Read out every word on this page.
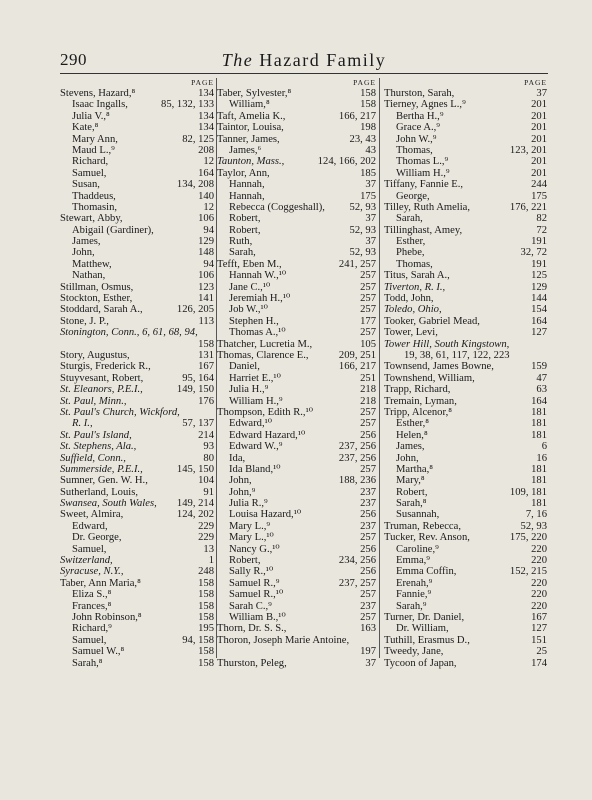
290	The Hazard Family
PAGE
Stevens, Hazard,⁸	134
Isaac Ingalls,	85, 132, 133
Julia V.,⁸	134
Kate,⁸	134
Mary Ann,	82, 125
Maud L.,⁹	208
Richard,	12
Samuel,	164
Susan,	134, 208
Thaddeus,	140
Thomasin,	12
Stewart, Abby,	106
Abigail (Gardiner),	94
James,	129
John,	148
Matthew,	94
Nathan,	106
Stillman, Osmus,	123
Stockton, Esther,	141
Stoddard, Sarah A.,	126, 205
Stone, J. P.,	113
Stonington, Conn., 6, 61, 68, 94,
158
Story, Augustus,	131
Sturgis, Frederick R.,	167
Stuyvesant, Robert,	95, 164
St. Eleanors, P.E.I.,	149, 150
St. Paul, Minn.,	176
St. Paul's Church, Wickford,
R. I.,	57, 137
St. Paul's Island,	214
St. Stephens, Ala.,	93
Suffield, Conn.,	80
Summerside, P.E.I.,	145, 150
Sumner, Gen. W. H.,	104
Sutherland, Louis,	91
Swansea, South Wales, 149, 214
Sweet, Almira,	124, 202
Edward,	229
Dr. George,	229
Samuel,	13
Switzerland,	1
Syracuse, N.Y.,	248
Taber, Ann Maria,⁸	158
Eliza S.,⁸	158
Frances,⁸	158
John Robinson,⁸	158
Richard,⁹	195
Samuel,	94, 158
Samuel W.,⁸	158
Sarah,⁸	158
PAGE
Taber, Sylvester,⁸	158
William,⁸	158
Taft, Amelia K.,	166, 217
Taintor, Louisa,	198
Tanner, James,	23, 43
James,⁶	43
Taunton, Mass.,	124, 166, 202
Taylor, Ann,	185
Hannah,	37
Hannah,	175
Rebecca (Coggeshall), 52, 93
Robert,	37
Robert,	52, 93
Ruth,	37
Sarah,	52, 93
Tefft, Eben M.,	241, 257
Hannah W.,¹⁰	257
Jane C.,¹⁰	257
Jeremiah H.,¹⁰	257
Job W.,¹⁰	257
Stephen H.,	177
Thomas A.,¹⁰	257
Thatcher, Lucretia M.,	105
Thomas, Clarence E.,	209, 251
Daniel,	166, 217
Harriet E.,¹⁰	251
Julia H.,⁹	218
William H.,⁹	218
Thompson, Edith R.,¹⁰	257
Edward,¹⁰	257
Edward Hazard,¹⁰	256
Edward W.,⁹	237, 256
Ida,	237, 256
Ida Bland,¹⁰	257
John,	188, 236
John,⁹	237
Julia R.,⁹	237
Louisa Hazard,¹⁰	256
Mary L.,⁹	237
Mary L.,¹⁰	257
Nancy G.,¹⁰	256
Robert,	234, 256
Sally R.,¹⁰	256
Samuel R.,⁹	237, 257
Samuel R.,¹⁰	257
Sarah C.,⁹	237
William B.,¹⁰	257
Thorn, Dr. S. S.,	163
Thoron, Joseph Marie Antoine,
197
Thurston, Peleg,	37
PAGE
Thurston, Sarah,	37
Tierney, Agnes L.,⁹	201
Bertha H.,⁹	201
Grace A.,⁹	201
John W.,⁹	201
Thomas,	123, 201
Thomas L.,⁹	201
William H.,⁹	201
Tiffany, Fannie E.,	244
George,	175
Tilley, Ruth Amelia,	176, 221
Sarah,	82
Tillinghast, Amey,	72
Esther,	191
Phebe,	32, 72
Thomas,	191
Titus, Sarah A.,	125
Tiverton, R. I.,	129
Todd, John,	144
Toledo, Ohio,	154
Tooker, Gabriel Mead,	164
Tower, Levi,	127
Tower Hill, South Kingstown,
19, 38, 61, 117, 122, 223
Townsend, James Bowne,	159
Townshend, William,	47
Trapp, Richard,	63
Tremain, Lyman,	164
Tripp, Alcenor,⁸	181
Esther,⁸	181
Helen,⁸	181
James,	6
John,	16
Martha,⁸	181
Mary,⁸	181
Robert,	109, 181
Sarah,⁸	181
Susannah,	7, 16
Truman, Rebecca,	52, 93
Tucker, Rev. Anson,	175, 220
Caroline,⁹	220
Emma,⁹	220
Emma Coffin,	152, 215
Erenah,⁹	220
Fannie,⁹	220
Sarah,⁹	220
Turner, Dr. Daniel,	167
Dr. William,	127
Tuthill, Erasmus D.,	151
Tweedy, Jane,	25
Tycoon of Japan,	174
